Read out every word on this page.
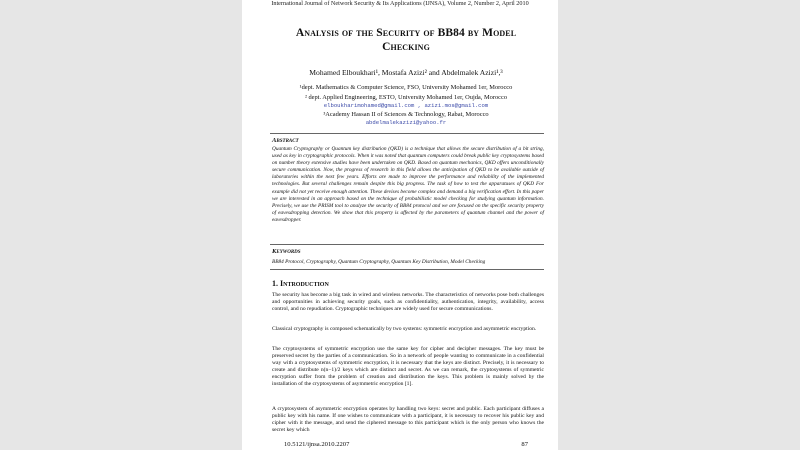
International Journal of Network Security & Its Applications (IJNSA), Volume 2, Number 2, April 2010
Analysis of the Security of BB84 by Model
Checking
Mohamed Elboukhari¹, Mostafa Azizi² and Abdelmalek Azizi¹,³
¹dept. Mathematics & Computer Science, FSO, University Mohamed 1er, Morocco
² dept. Applied Engineering, ESTO, University Mohamed 1er, Oujda, Morocco
elboukharimohamed@gmail.com , azizi.mos@gmail.com
³Academy Hassan II of Sciences & Technology, Rabat, Morocco
abdelmalekazizi@yahoo.fr
Abstract
Quantum Cryptography or Quantum key distribution (QKD) is a technique that allows the secure distribution of a bit string, used as key in cryptographic protocols. When it was noted that quantum computers could break public key cryptosystems based on number theory extensive studies have been undertaken on QKD. Based on quantum mechanics, QKD offers unconditionally secure communication. Now, the progress of research in this field allows the anticipation of QKD to be available outside of laboratories within the next few years. Efforts are made to improve the performance and reliability of the implemented technologies. But several challenges remain despite this big progress. The task of how to test the apparatuses of QKD For example did not yet receive enough attention. These devises become complex and demand a big verification effort. In this paper we are interested in an approach based on the technique of probabilistic model checking for studying quantum information. Precisely, we use the PRISM tool to analyze the security of BB84 protocol and we are focused on the specific security property of eavesdropping detection. We show that this property is affected by the parameters of quantum channel and the power of eavesdropper.
Keywords
BB84 Protocol, Cryptography, Quantum Cryptography, Quantum Key Distribution, Model Checking
1. Introduction
The security has become a big task in wired and wireless networks. The characteristics of networks pose both challenges and opportunities in achieving security goals, such as confidentiality, authentication, integrity, availability, access control, and no repudiation. Cryptographic techniques are widely used for secure communications.
Classical cryptography is composed schematically by two systems: symmetric encryption and asymmetric encryption.
The cryptosystems of symmetric encryption use the same key for cipher and decipher messages. The key must be preserved secret by the parties of a communication. So in a network of people wanting to communicate in a confidential way with a cryptosystems of symmetric encryption, it is necessary that the keys are distinct. Precisely, it is necessary to create and distribute n(n−1)/2 keys which are distinct and secret. As we can remark, the cryptosystems of symmetric encryption suffer from the problem of creation and distribution the keys. This problem is mainly solved by the installation of the cryptosystems of asymmetric encryption [1].
A cryptosystem of asymmetric encryption operates by handling two keys: secret and public. Each participant diffuses a public key with his name. If one wishes to communicate with a participant, it is necessary to recover his public key and cipher with it the message, and send the ciphered message to this participant which is the only person who knows the secret key which
10.5121/ijnsa.2010.2207	87
